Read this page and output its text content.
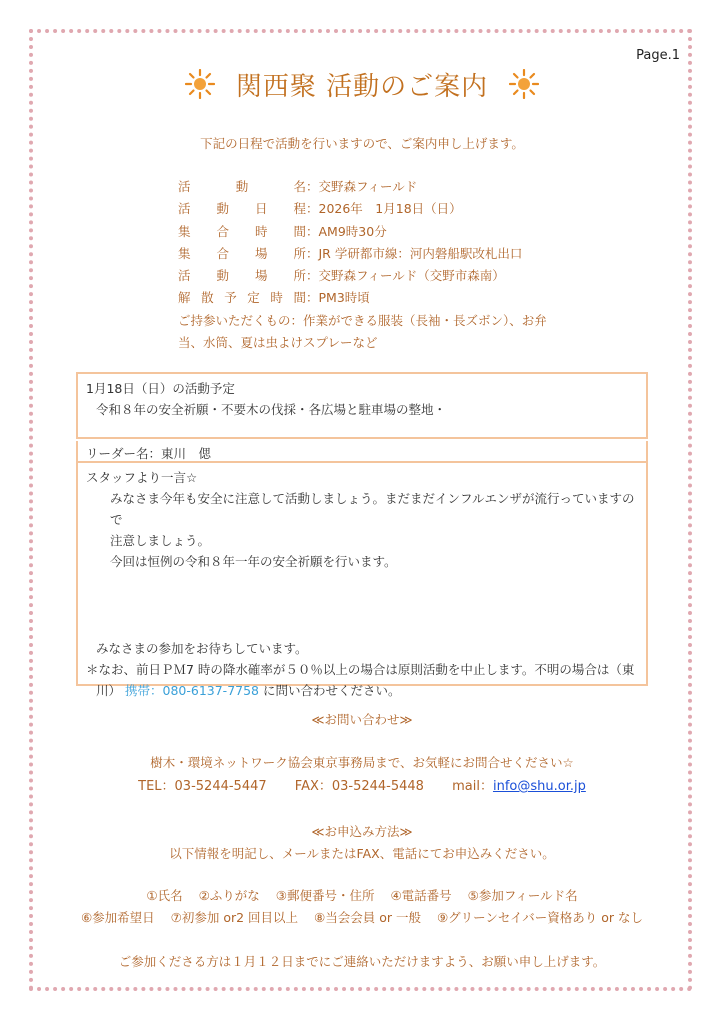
Page.1
関西聚 活動のご案内
下記の日程で活動を行いますので、ご案内申し上げます。
活	動	名 ：交野森フィールド
活 動 日 程 ：2026年　1月18日（日）
集 合 時 間 ：AM9時30分
集 合 場 所 ：JR 学研都市線：河内磐船駅改札出口
活 動 場 所 ：交野森フィールド（交野市森南）
解 散 予 定 時 間 ：PM3時頃
ご持参いただくもの：作業ができる服装（長袖・長ズボン）、お弁
当、水筒、夏は虫よけスプレーなど
1月18日（日）の活動予定
令和８年の安全祈願・不要木の伐採・各広場と駐車場の整地・
リーダー名：東川　偲
スタッフより一言☆
みなさま今年も安全に注意して活動しましょう。まだまだインフルエンザが流行っていますので
注意しましょう。
今回は恒例の令和８年一年の安全祈願を行います。
みなさまの参加をお待ちしています。
＊なお、前日ＰＭ7 時の降水確率が５０％以上の場合は原則活動を中止します。不明の場合は（東
川） 携帯：080-6137-7758 に問い合わせください。
≪お問い合わせ≫
樹木・環境ネットワーク協会東京事務局まで、お気軽にお問合せください☆
TEL：03-5244-5447 FAX：03-5244-5448 mail：info@shu.or.jp
≪お申込み方法≫
以下情報を明記し、メールまたはFAX、電話にてお申込みください。
①氏名 ②ふりがな ③郵便番号・住所 ④電話番号 ⑤参加フィールド名
⑥参加希望日 ⑦初参加 or2 回目以上 ⑧当会会員 or 一般 ⑨グリーンセイバー資格あり or なし
ご参加くださる方は１月１２日までにご連絡いただけますよう、お願い申し上げます。
